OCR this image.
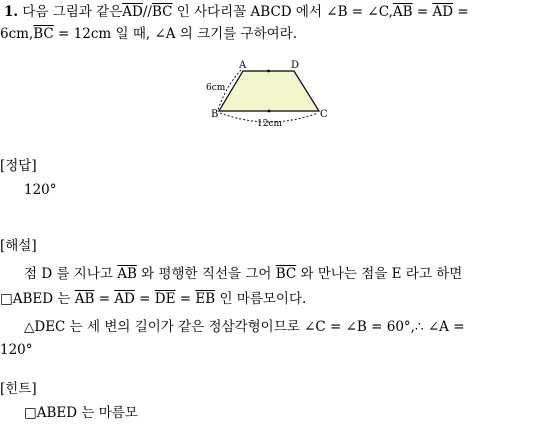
1. 다음 그림과 같은$\overline{AD}//\overline{BC}$ 인 사다리꼴 ABCD 에서 ∠B = $\angle C,\overline{AB} = \overline{AD}$ =
$6cm,\overline{BC} = 12cm$ 일 때, ∠A 의 크기를 구하여라.
A	D
B	C
6cm
12cm
[정답]
120°
[해설]
점 D 를 지나고 $\overline{AB}$ 와 평행한 직선을 그어 $\overline{BC}$ 와 만나는 점을 E 라고 하면
□ABED 는 $\overline{AB} = \overline{AD} = \overline{DE} = \overline{EB}$ 인 마름모이다.
△DEC 는 세 변의 길이가 같은 정삼각형이므로 ∠C = ∠B = 60°,∴ ∠A =
120°
[힌트]
□ABED 는 마름모
